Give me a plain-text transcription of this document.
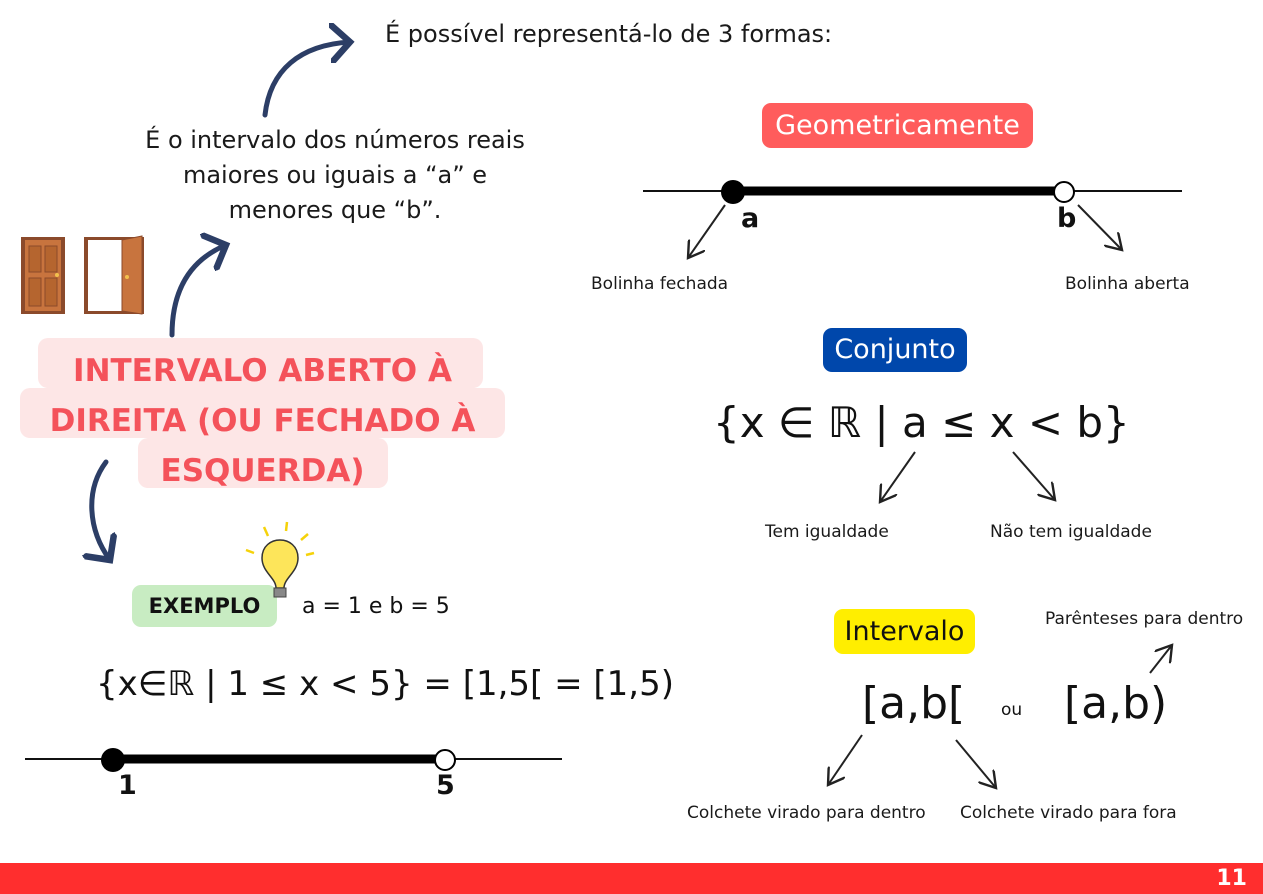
É possível representá-lo de 3 formas:
É o intervalo dos números reais
maiores ou iguais a “a” e
menores que “b”.
INTERVALO ABERTO À
DIREITA (OU FECHADO À
ESQUERDA)
EXEMPLO	a = 1 e b = 5
{x∈ℝ | 1 ≤ x < 5} = [1,5[ = [1,5)
1	5
Geometricamente
a	b
Bolinha fechada	Bolinha aberta
Conjunto
{x ∈ ℝ | a ≤ x < b}
Tem igualdade	Não tem igualdade
Intervalo	Parênteses para dentro
[a,b[ ou [a,b)
Colchete virado para dentro Colchete virado para fora
11
